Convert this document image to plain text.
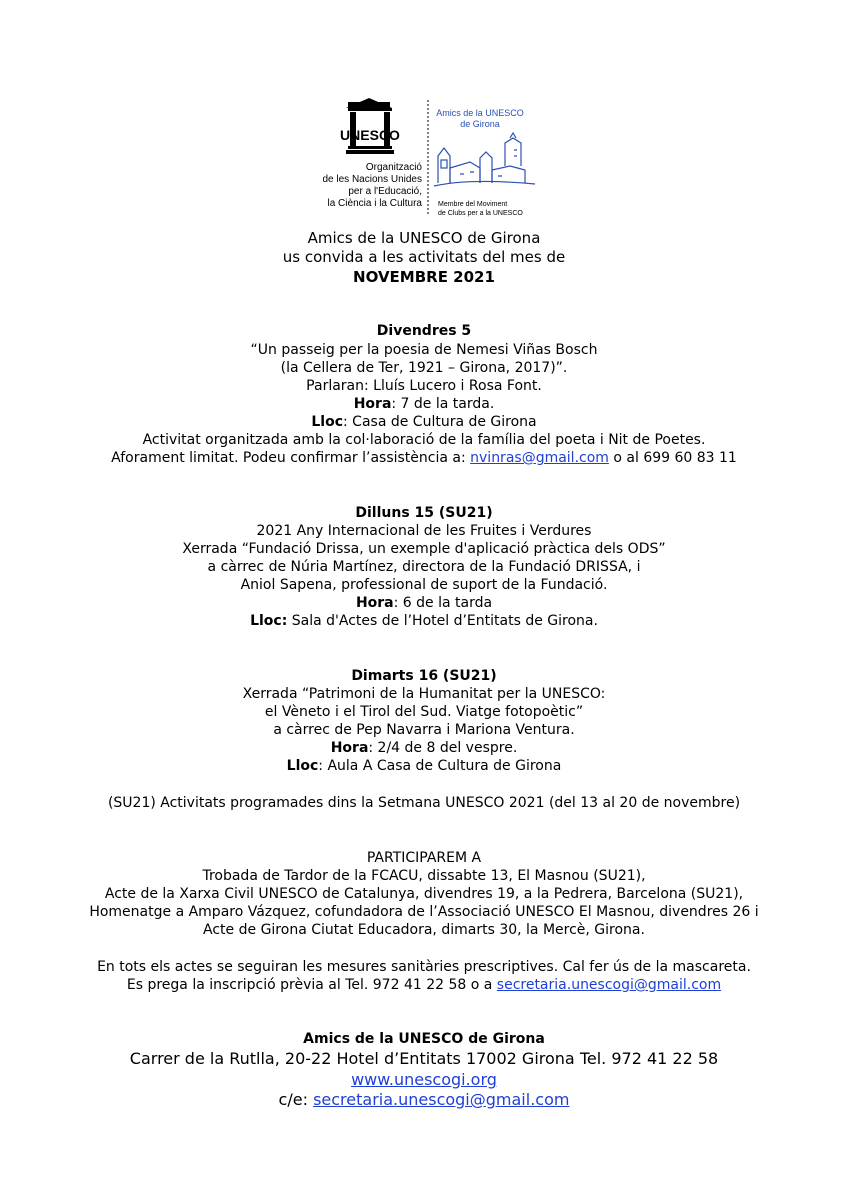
UNESCO
Organització
de les Nacions Unides
per a l'Educació,
la Ciència i la Cultura
Amics de la UNESCO
de Girona
Membre del Moviment
de Clubs per a la UNESCO
Amics de la UNESCO de Girona
us convida a les activitats del mes de
NOVEMBRE 2021
Divendres 5
“Un passeig per la poesia de Nemesi Viñas Bosch
(la Cellera de Ter, 1921 – Girona, 2017)”.
Parlaran: Lluís Lucero i Rosa Font.
Hora: 7 de la tarda.
Lloc: Casa de Cultura de Girona
Activitat organitzada amb la col·laboració de la família del poeta i Nit de Poetes.
Aforament limitat. Podeu confirmar l’assistència a: nvinras@gmail.com o al 699 60 83 11
Dilluns 15 (SU21)
2021 Any Internacional de les Fruites i Verdures
Xerrada “Fundació Drissa, un exemple d'aplicació pràctica dels ODS”
a càrrec de Núria Martínez, directora de la Fundació DRISSA, i
Aniol Sapena, professional de suport de la Fundació.
Hora: 6 de la tarda
Lloc: Sala d'Actes de l’Hotel d’Entitats de Girona.
Dimarts 16 (SU21)
Xerrada “Patrimoni de la Humanitat per la UNESCO:
el Vèneto i el Tirol del Sud. Viatge fotopoètic”
a càrrec de Pep Navarra i Mariona Ventura.
Hora: 2/4 de 8 del vespre.
Lloc: Aula A Casa de Cultura de Girona
(SU21) Activitats programades dins la Setmana UNESCO 2021 (del 13 al 20 de novembre)
PARTICIPAREM A
Trobada de Tardor de la FCACU, dissabte 13, El Masnou (SU21),
Acte de la Xarxa Civil UNESCO de Catalunya, divendres 19, a la Pedrera, Barcelona (SU21),
Homenatge a Amparo Vázquez, cofundadora de l’Associació UNESCO El Masnou, divendres 26 i
Acte de Girona Ciutat Educadora, dimarts 30, la Mercè, Girona.
En tots els actes se seguiran les mesures sanitàries prescriptives. Cal fer ús de la mascareta.
Es prega la inscripció prèvia al Tel. 972 41 22 58 o a secretaria.unescogi@gmail.com
Amics de la UNESCO de Girona
Carrer de la Rutlla, 20-22 Hotel d’Entitats 17002 Girona Tel. 972 41 22 58
www.unescogi.org
c/e: secretaria.unescogi@gmail.com
